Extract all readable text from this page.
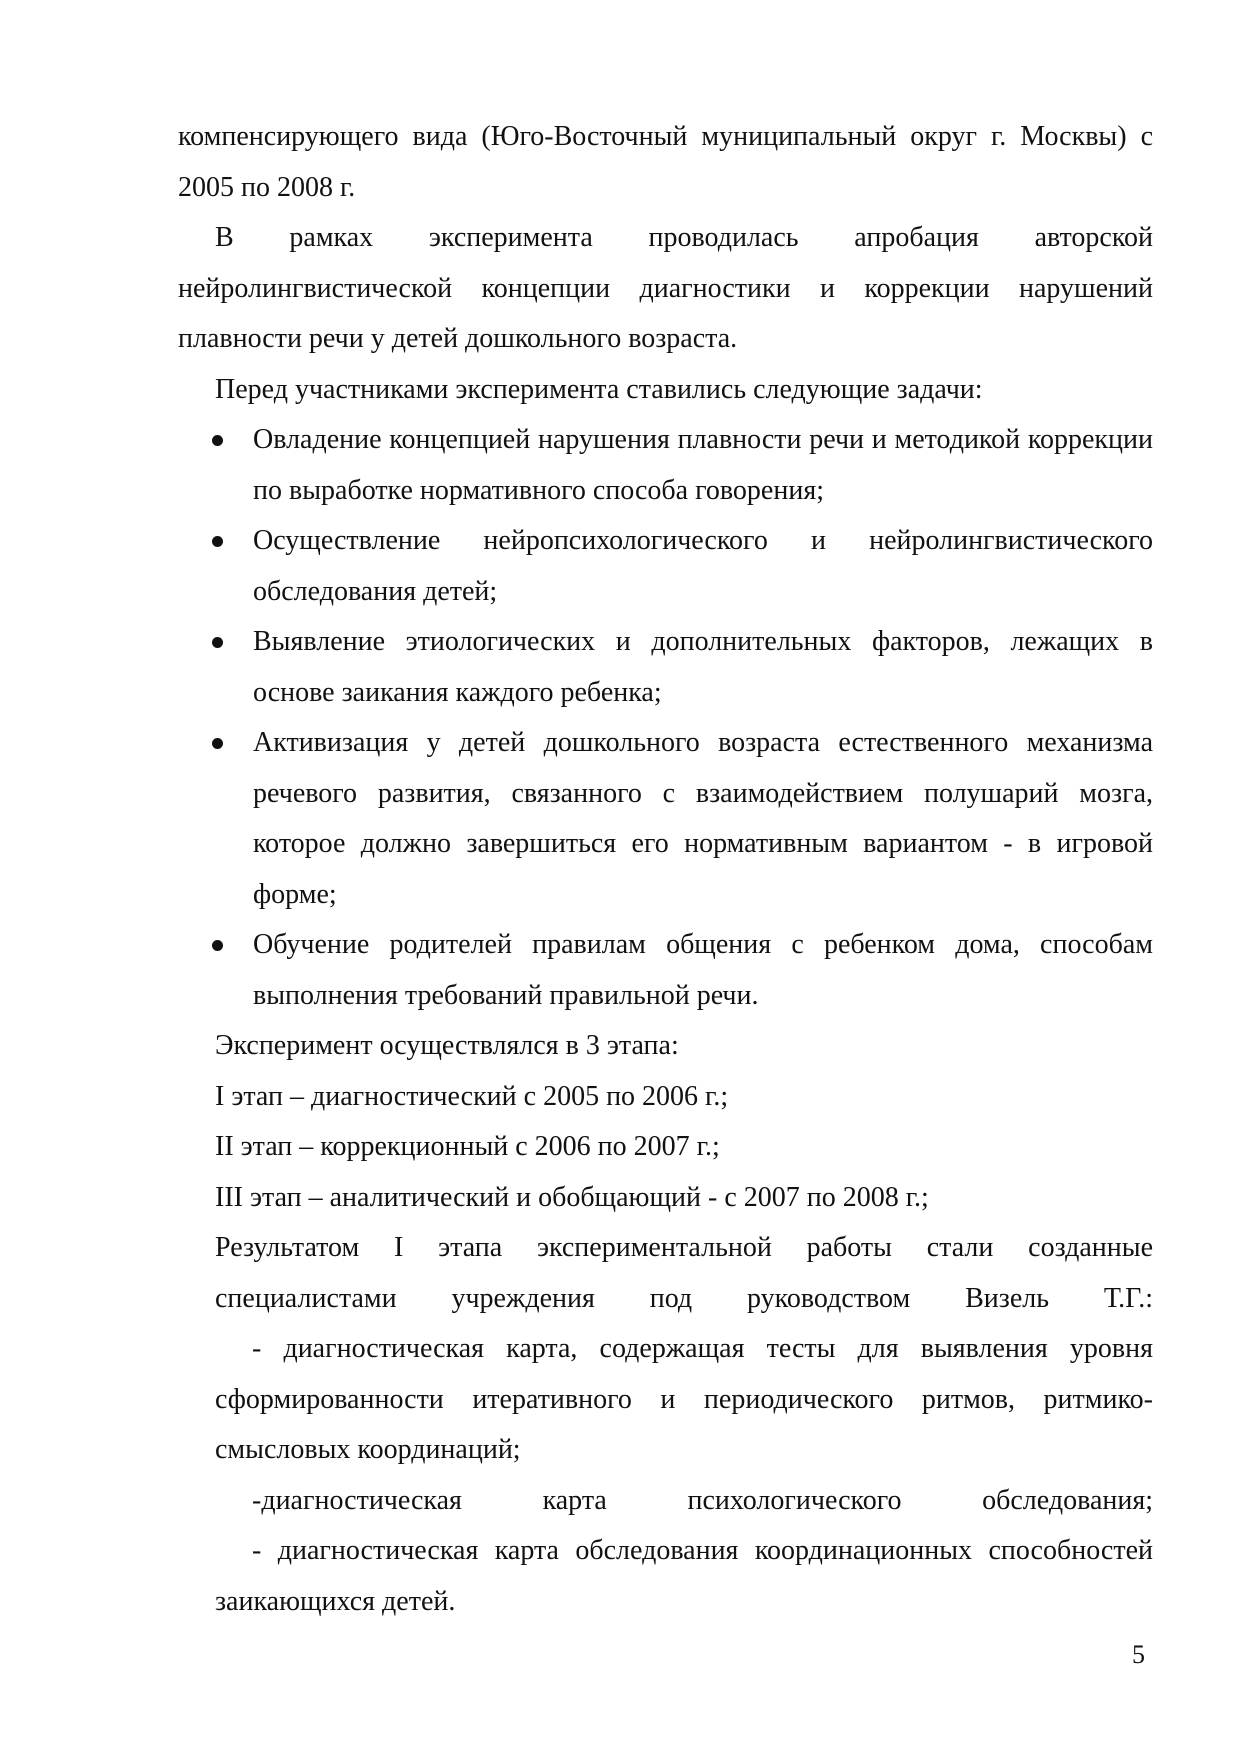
компенсирующего вида (Юго-Восточный муниципальный округ г. Москвы) с 2005 по 2008 г.

В рамках эксперимента проводилась апробация авторской нейролингвистической концепции диагностики и коррекции нарушений плавности речи у детей дошкольного возраста.

Перед участниками эксперимента ставились следующие задачи:

Овладение концепцией нарушения плавности речи и методикой коррекции по выработке нормативного способа говорения;
Осуществление нейропсихологического и нейролингвистического обследования детей;
Выявление этиологических и дополнительных факторов, лежащих в основе заикания каждого ребенка;
Активизация у детей дошкольного возраста естественного механизма речевого развития, связанного с взаимодействием полушарий мозга, которое должно завершиться его нормативным вариантом - в игровой форме;
Обучение родителей правилам общения с ребенком дома, способам выполнения требований правильной речи.

Эксперимент осуществлялся в 3 этапа:

I этап – диагностический с 2005 по 2006 г.;

II этап – коррекционный с 2006 по 2007 г.;

III этап – аналитический и обобщающий - с 2007 по 2008 г.;

Результатом I этапа экспериментальной работы стали созданные специалистами учреждения под руководством Визель Т.Г.:

- диагностическая карта, содержащая тесты для выявления уровня сформированности итеративного и периодического ритмов, ритмико-смысловых координаций;

-диагностическая карта психологического обследования;

- диагностическая карта обследования координационных способностей заикающихся детей.

5
